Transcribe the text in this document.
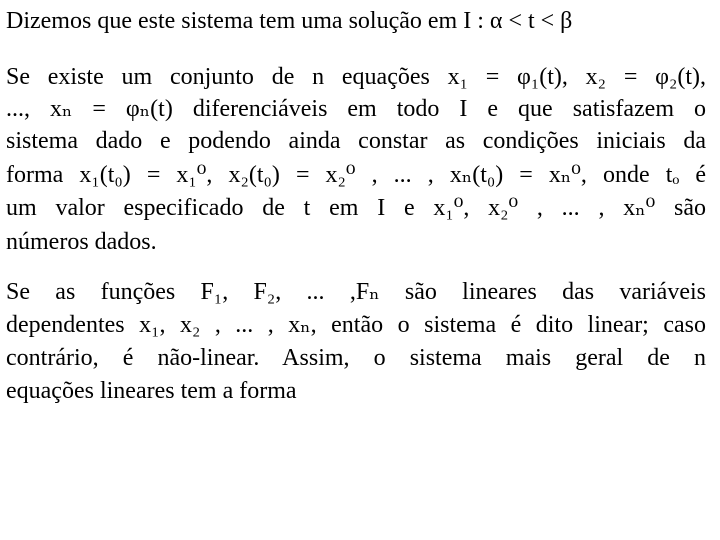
Dizemos que este sistema tem uma solução em I : α < t < β
Se existe um conjunto de n equações x₁ = φ₁(t), x₂ = φ₂(t),
..., xₙ = φₙ(t) diferenciáveis em todo I e que satisfazem o
sistema dado e podendo ainda constar as condições iniciais da
forma x₁(t₀) = x₁⁰, x₂(t₀) = x₂⁰ , ... , xₙ(t₀) = xₙ⁰, onde tₒ é
um valor especificado de t em I e x₁⁰, x₂⁰ , ... , xₙ⁰ são
números dados.
Se as funções F₁, F₂, ... ,Fₙ são lineares das variáveis
dependentes x₁, x₂ , ... , xₙ, então o sistema é dito linear; caso
contrário, é não-linear. Assim, o sistema mais geral de n
equações lineares tem a forma
